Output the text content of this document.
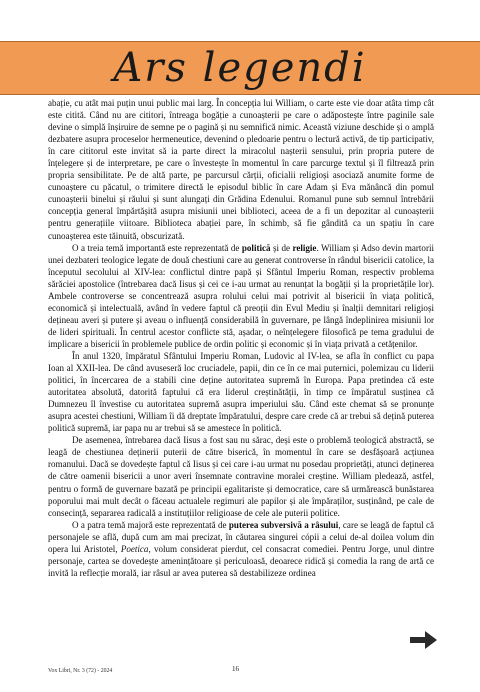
Ars legendi

abație, cu atât mai puțin unui public mai larg. În concepția lui William, o carte este vie doar atâta timp cât este citită. Când nu are cititori, întreaga bogăție a cunoașterii pe care o adăpostește între paginile sale devine o simplă înșiruire de semne pe o pagină și nu semnifică nimic. Această viziune deschide și o amplă dezbatere asupra proceselor hermeneutice, devenind o pledoarie pentru o lectură activă, de tip participativ, în care cititorul este invitat să ia parte direct la miracolul nașterii sensului, prin propria putere de înțelegere și de interpretare, pe care o învestește în momentul în care parcurge textul și îl filtrează prin propria sensibilitate. Pe de altă parte, pe parcursul cărții, oficialii religioși asociază anumite forme de cunoaștere cu păcatul, o trimitere directă le episodul biblic în care Adam și Eva mănâncă din pomul cunoașterii binelui și răului și sunt alungați din Grădina Edenului. Romanul pune sub semnul întrebării concepția general împărtășită asupra misiunii unei biblioteci, aceea de a fi un depozitar al cunoașterii pentru generațiile viitoare. Biblioteca abației pare, în schimb, să fie gândită ca un spațiu în care cunoașterea este tăinuită, obscurizată.

O a treia temă importantă este reprezentată de politică și de religie. William și Adso devin martorii unei dezbateri teologice legate de două chestiuni care au generat controverse în rândul bisericii catolice, la începutul secolului al XIV-lea: conflictul dintre papă și Sfântul Imperiu Roman, respectiv problema sărăciei apostolice (întrebarea dacă Iisus și cei ce i-au urmat au renunțat la bogății și la proprietățile lor). Ambele controverse se concentrează asupra rolului celui mai potrivit al bisericii în viața politică, economică și intelectuală, având în vedere faptul că preoții din Evul Mediu și înalții demnitari religioși dețineau averi și putere și aveau o influență considerabilă în guvernare, pe lângă îndeplinirea misiunii lor de lideri spirituali. În centrul acestor conflicte stă, așadar, o neînțelegere filosofică pe tema gradului de implicare a bisericii în problemele publice de ordin politic și economic și în viața privată a cetățenilor.

În anul 1320, împăratul Sfântului Imperiu Roman, Ludovic al IV-lea, se afla în conflict cu papa Ioan al XXII-lea. De când avuseseră loc cruciadele, papii, din ce în ce mai puternici, polemizau cu liderii politici, în încercarea de a stabili cine deține autoritatea supremă în Europa. Papa pretindea că este autoritatea absolută, datorită faptului că era liderul creștinătății, în timp ce împăratul susținea că Dumnezeu îl învestise cu autoritatea supremă asupra imperiului său. Când este chemat să se pronunțe asupra acestei chestiuni, William îi dă dreptate împăratului, despre care crede că ar trebui să dețină puterea politică supremă, iar papa nu ar trebui să se amestece în politică.

De asemenea, întrebarea dacă Iisus a fost sau nu sărac, deși este o problemă teologică abstractă, se leagă de chestiunea deținerii puterii de către biserică, în momentul în care se desfășoară acțiunea romanului. Dacă se dovedește faptul că Iisus și cei care i-au urmat nu posedau proprietăți, atunci deținerea de către oamenii bisericii a unor averi însemnate contravine moralei creștine. William pledează, astfel, pentru o formă de guvernare bazată pe principii egalitariste și democratice, care să urmărească bunăstarea poporului mai mult decât o făceau actualele regimuri ale papilor și ale împăraților, susținând, pe cale de consecință, separarea radicală a instituțiilor religioase de cele ale puterii politice.

O a patra temă majoră este reprezentată de puterea subversivă a râsului, care se leagă de faptul că personajele se află, după cum am mai precizat, în căutarea singurei cópii a celui de-al doilea volum din opera lui Aristotel, Poetica, volum considerat pierdut, cel consacrat comediei. Pentru Jorge, unul dintre personaje, cartea se dovedește amenințătoare și periculoasă, deoarece ridică și comedia la rang de artă ce invită la reflecție morală, iar râsul ar avea puterea să destabilizeze ordinea

Vox Libri, Nr. 3 (72) - 2024	16
